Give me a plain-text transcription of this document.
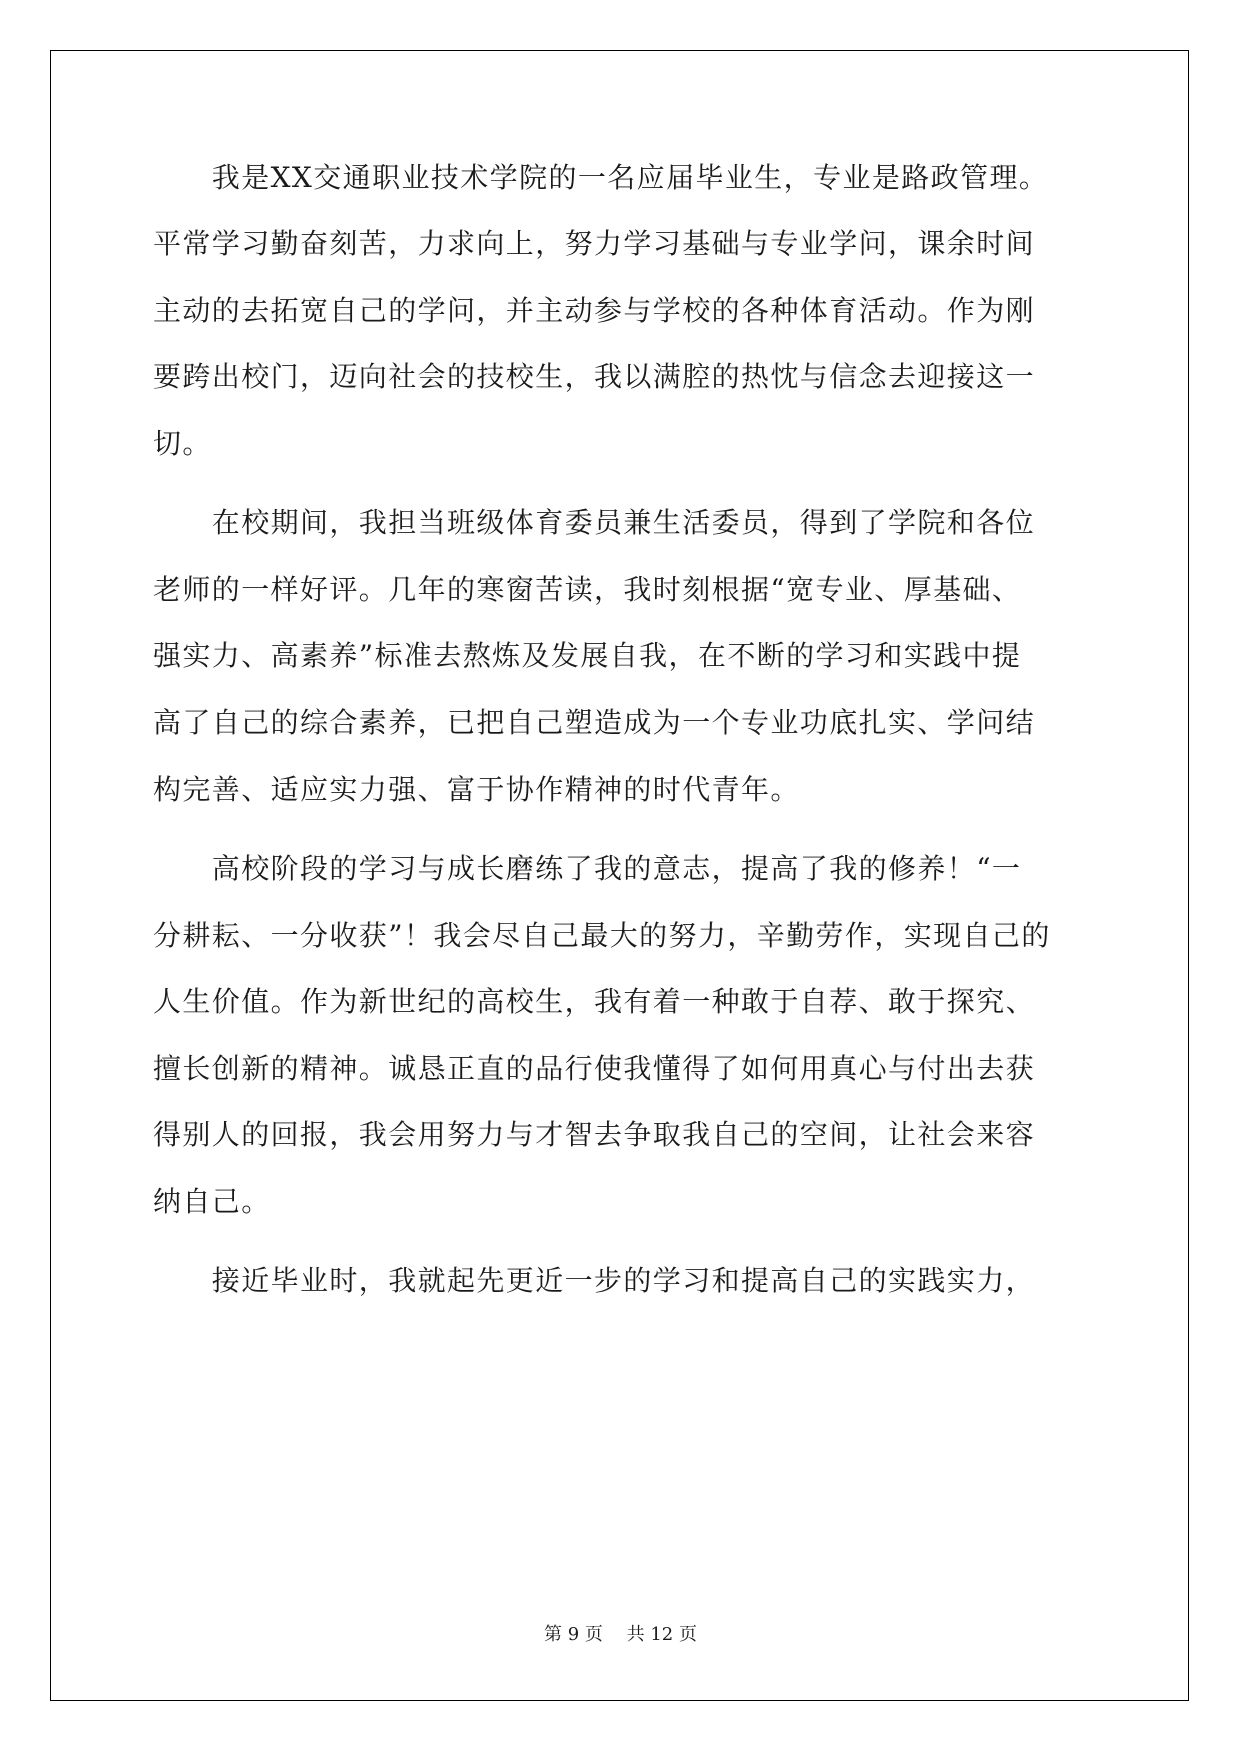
　　我是XX交通职业技术学院的一名应届毕业生，专业是路政管理。
平常学习勤奋刻苦，力求向上，努力学习基础与专业学问，课余时间
主动的去拓宽自己的学问，并主动参与学校的各种体育活动。作为刚
要跨出校门，迈向社会的技校生，我以满腔的热忱与信念去迎接这一
切。
　　在校期间，我担当班级体育委员兼生活委员，得到了学院和各位
老师的一样好评。几年的寒窗苦读，我时刻根据“宽专业、厚基础、
强实力、高素养”标准去熬炼及发展自我，在不断的学习和实践中提
高了自己的综合素养，已把自己塑造成为一个专业功底扎实、学问结
构完善、适应实力强、富于协作精神的时代青年。
　　高校阶段的学习与成长磨练了我的意志，提高了我的修养！“一
分耕耘、一分收获”！我会尽自己最大的努力，辛勤劳作，实现自己的
人生价值。作为新世纪的高校生，我有着一种敢于自荐、敢于探究、
擅长创新的精神。诚恳正直的品行使我懂得了如何用真心与付出去获
得别人的回报，我会用努力与才智去争取我自己的空间，让社会来容
纳自己。
　　接近毕业时，我就起先更近一步的学习和提高自己的实践实力，
第 9 页　 共 12 页
